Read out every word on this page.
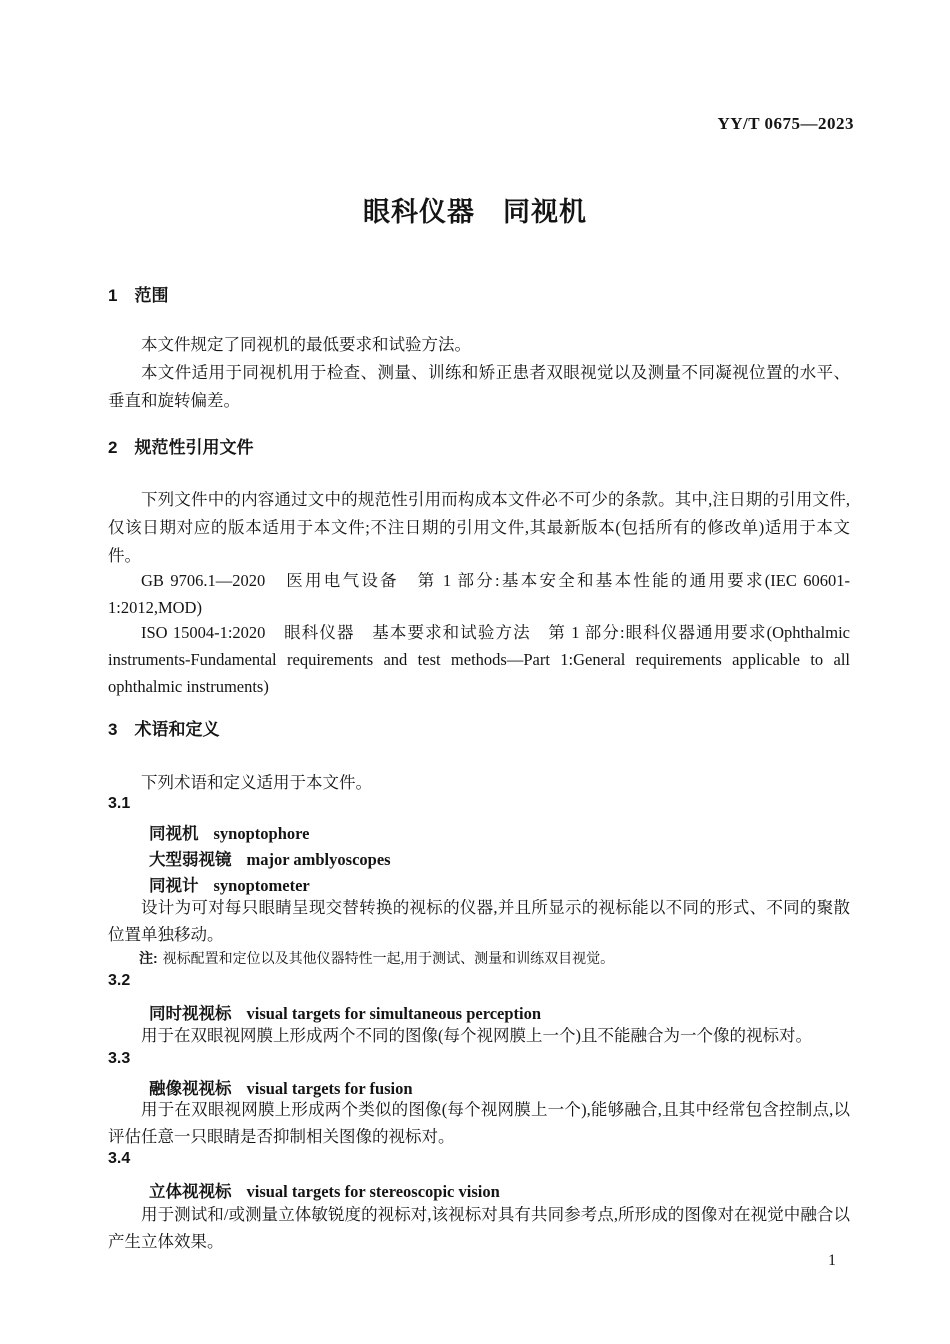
YY/T 0675—2023
眼科仪器　同视机
1 范围

本文件规定了同视机的最低要求和试验方法。

本文件适用于同视机用于检查、测量、训练和矫正患者双眼视觉以及测量不同凝视位置的水平、垂直和旋转偏差。

2 规范性引用文件

下列文件中的内容通过文中的规范性引用而构成本文件必不可少的条款。其中,注日期的引用文件,仅该日期对应的版本适用于本文件;不注日期的引用文件,其最新版本(包括所有的修改单)适用于本文件。

GB 9706.1—2020　医用电气设备　第 1 部分:基本安全和基本性能的通用要求(IEC 60601-1:2012,MOD)

ISO 15004-1:2020　眼科仪器　基本要求和试验方法　第 1 部分:眼科仪器通用要求(Ophthalmic instruments-Fundamental requirements and test methods—Part 1:General requirements applicable to all ophthalmic instruments)

3 术语和定义

下列术语和定义适用于本文件。

3.1

同视机 synoptophore

大型弱视镜 major amblyoscopes

同视计 synoptometer

设计为可对每只眼睛呈现交替转换的视标的仪器,并且所显示的视标能以不同的形式、不同的聚散位置单独移动。

注: 视标配置和定位以及其他仪器特性一起,用于测试、测量和训练双目视觉。

3.2

同时视视标 visual targets for simultaneous perception

用于在双眼视网膜上形成两个不同的图像(每个视网膜上一个)且不能融合为一个像的视标对。

3.3

融像视视标 visual targets for fusion

用于在双眼视网膜上形成两个类似的图像(每个视网膜上一个),能够融合,且其中经常包含控制点,以评估任意一只眼睛是否抑制相关图像的视标对。

3.4

立体视视标 visual targets for stereoscopic vision

用于测试和/或测量立体敏锐度的视标对,该视标对具有共同参考点,所形成的图像对在视觉中融合以产生立体效果。

1
